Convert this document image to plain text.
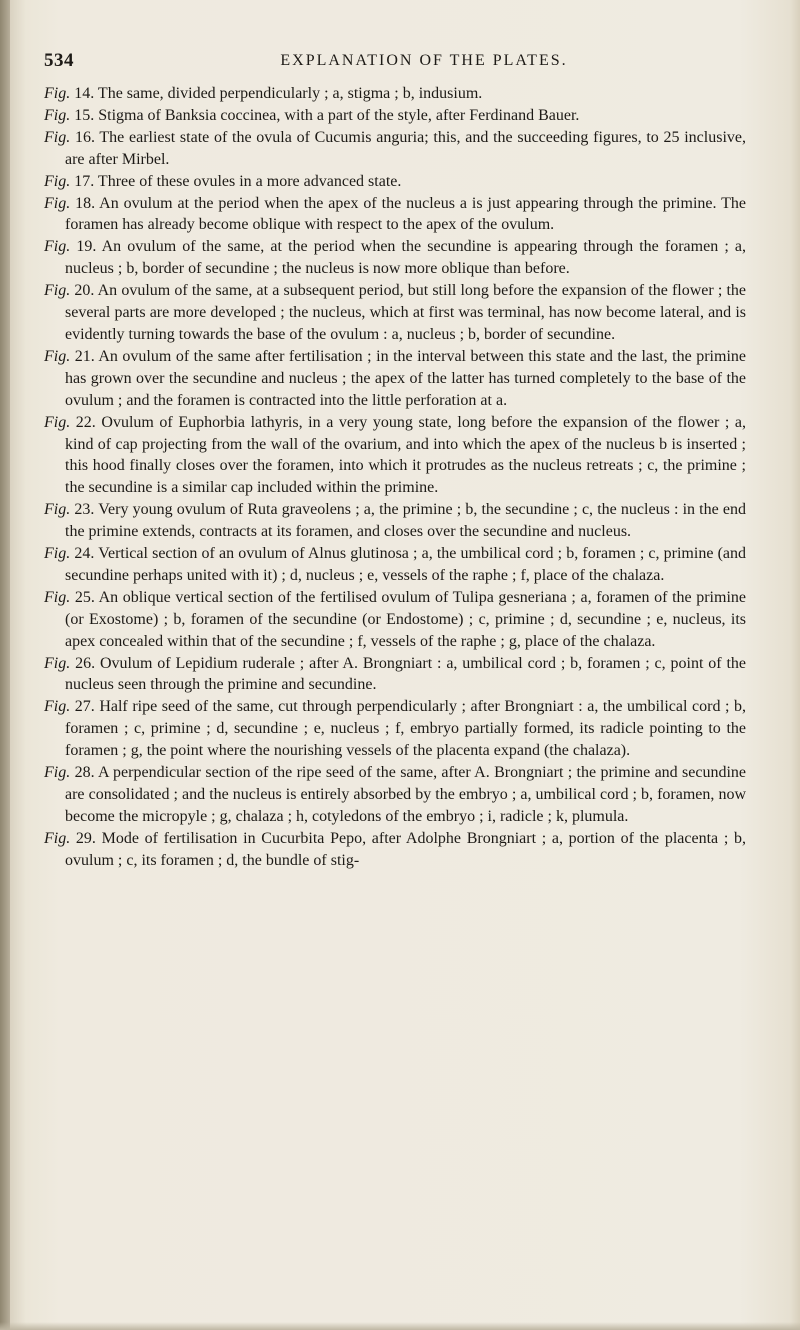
534	EXPLANATION OF THE PLATES.

Fig. 14. The same, divided perpendicularly ; a, stigma ; b, indusium.

Fig. 15. Stigma of Banksia coccinea, with a part of the style, after Ferdinand Bauer.

Fig. 16. The earliest state of the ovula of Cucumis anguria; this, and the succeeding figures, to 25 inclusive, are after Mirbel.

Fig. 17. Three of these ovules in a more advanced state.

Fig. 18. An ovulum at the period when the apex of the nucleus a is just appearing through the primine. The foramen has already become oblique with respect to the apex of the ovulum.

Fig. 19. An ovulum of the same, at the period when the secundine is appearing through the foramen ; a, nucleus ; b, border of secundine ; the nucleus is now more oblique than before.

Fig. 20. An ovulum of the same, at a subsequent period, but still long before the expansion of the flower ; the several parts are more developed ; the nucleus, which at first was terminal, has now become lateral, and is evidently turning towards the base of the ovulum : a, nucleus ; b, border of secundine.

Fig. 21. An ovulum of the same after fertilisation ; in the interval between this state and the last, the primine has grown over the secundine and nucleus ; the apex of the latter has turned completely to the base of the ovulum ; and the foramen is contracted into the little perforation at a.

Fig. 22. Ovulum of Euphorbia lathyris, in a very young state, long before the expansion of the flower ; a, kind of cap projecting from the wall of the ovarium, and into which the apex of the nucleus b is inserted ; this hood finally closes over the foramen, into which it protrudes as the nucleus retreats ; c, the primine ; the secundine is a similar cap included within the primine.

Fig. 23. Very young ovulum of Ruta graveolens ; a, the primine ; b, the secundine ; c, the nucleus : in the end the primine extends, contracts at its foramen, and closes over the secundine and nucleus.

Fig. 24. Vertical section of an ovulum of Alnus glutinosa ; a, the umbilical cord ; b, foramen ; c, primine (and secundine perhaps united with it) ; d, nucleus ; e, vessels of the raphe ; f, place of the chalaza.

Fig. 25. An oblique vertical section of the fertilised ovulum of Tulipa gesneriana ; a, foramen of the primine (or Exostome) ; b, foramen of the secundine (or Endostome) ; c, primine ; d, secundine ; e, nucleus, its apex concealed within that of the secundine ; f, vessels of the raphe ; g, place of the chalaza.

Fig. 26. Ovulum of Lepidium ruderale ; after A. Brongniart : a, umbilical cord ; b, foramen ; c, point of the nucleus seen through the primine and secundine.

Fig. 27. Half ripe seed of the same, cut through perpendicularly ; after Brongniart : a, the umbilical cord ; b, foramen ; c, primine ; d, secundine ; e, nucleus ; f, embryo partially formed, its radicle pointing to the foramen ; g, the point where the nourishing vessels of the placenta expand (the chalaza).

Fig. 28. A perpendicular section of the ripe seed of the same, after A. Brongniart ; the primine and secundine are consolidated ; and the nucleus is entirely absorbed by the embryo ; a, umbilical cord ; b, foramen, now become the micropyle ; g, chalaza ; h, cotyledons of the embryo ; i, radicle ; k, plumula.

Fig. 29. Mode of fertilisation in Cucurbita Pepo, after Adolphe Brongniart ; a, portion of the placenta ; b, ovulum ; c, its foramen ; d, the bundle of stig-
